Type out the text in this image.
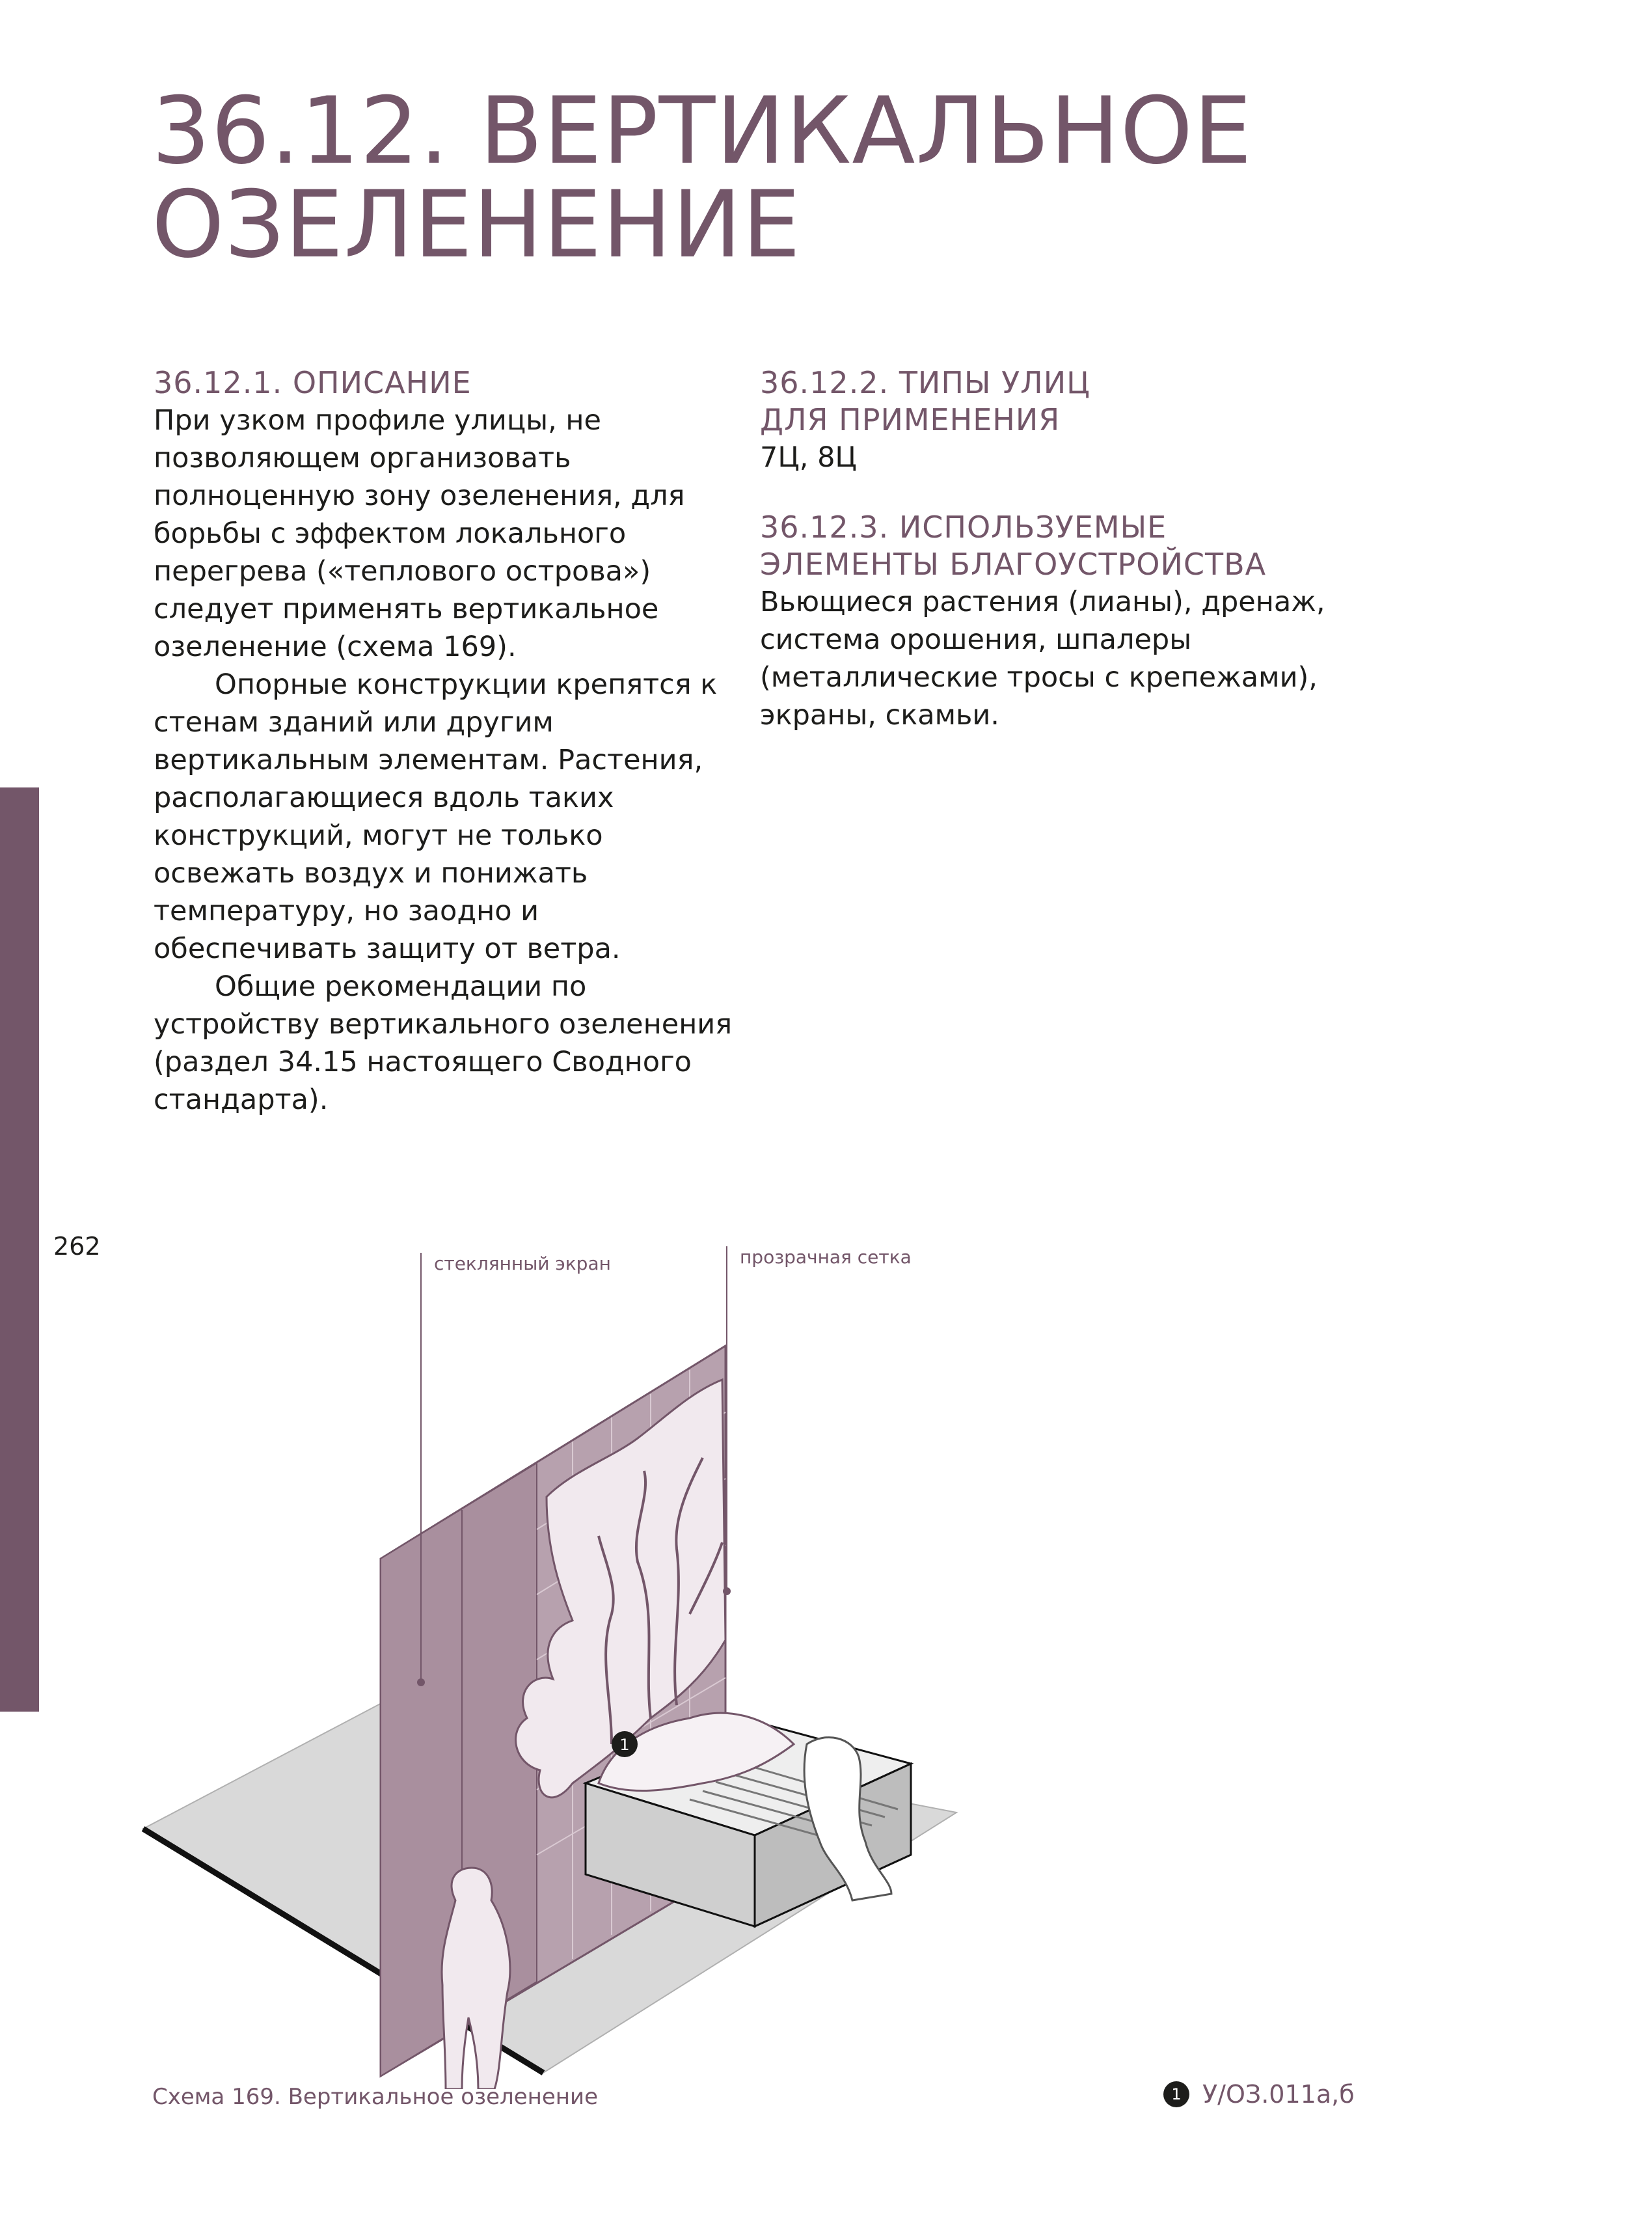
262
36.12. ВЕРТИКАЛЬНОЕ
ОЗЕЛЕНЕНИЕ
36.12.1. ОПИСАНИЕ

При узком профиле улицы, не позволяющем организовать полноценную зону озеленения, для борьбы с эффектом локального перегрева («теплового острова») следует применять вертикальное озеленение (схема 169).

Опорные конструкции крепятся к стенам зданий или другим вертикальным элементам. Растения, располагающиеся вдоль таких конструкций, могут не только освежать воздух и понижать температуру, но заодно и обеспечивать защиту от ветра.

Общие рекомендации по устройству вертикального озеленения (раздел 34.15 настоящего Сводного стандарта).

36.12.2. ТИПЫ УЛИЦ
ДЛЯ ПРИМЕНЕНИЯ

7Ц, 8Ц

36.12.3. ИСПОЛЬЗУЕМЫЕ
ЭЛЕМЕНТЫ БЛАГОУСТРОЙСТВА

Вьющиеся растения (лианы), дренаж, система орошения, шпалеры (металлические тросы с крепежами), экраны, скамьи.

стеклянный экран	прозрачная сетка
1
Схема 169. Вертикальное озеленение	1 У/ОЗ.011а,б
